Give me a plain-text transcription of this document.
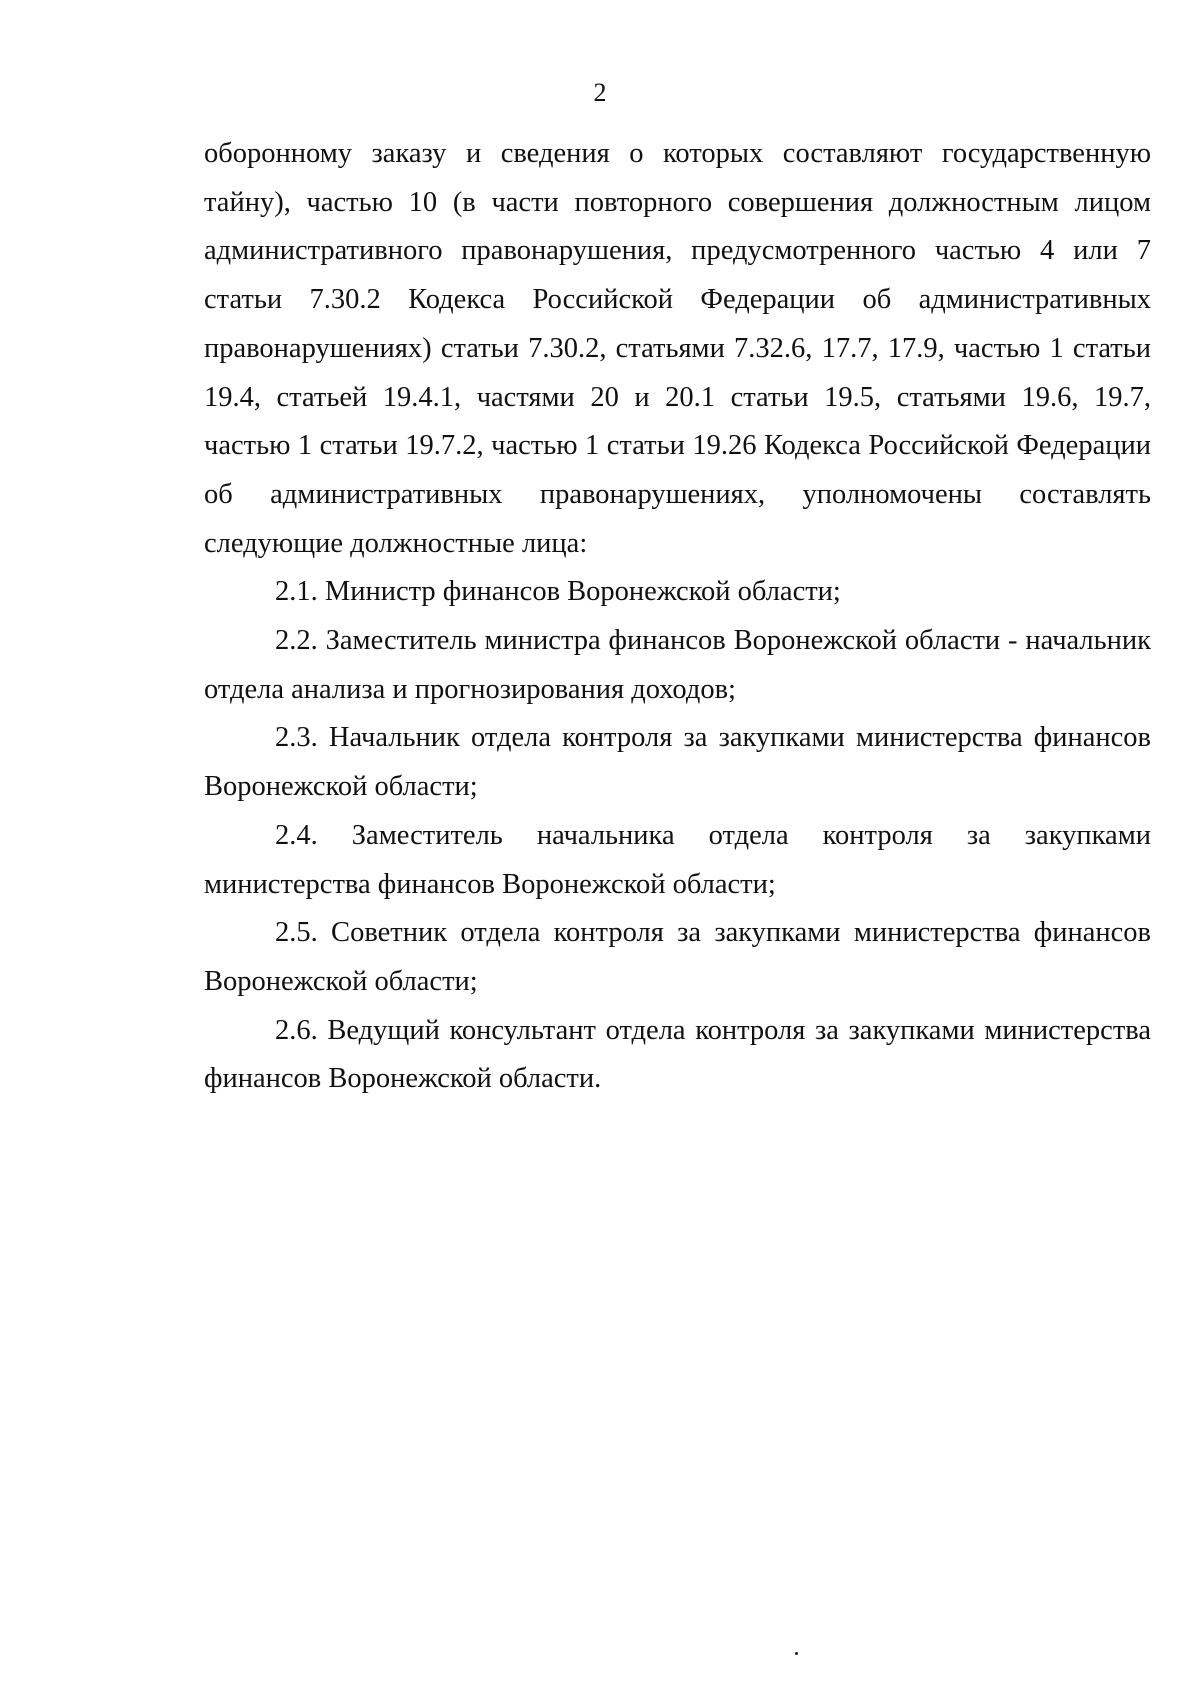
2

оборонному заказу и сведения о которых составляют государственную тайну), частью 10 (в части повторного совершения должностным лицом административного правонарушения, предусмотренного частью 4 или 7 статьи 7.30.2 Кодекса Российской Федерации об административных правонарушениях) статьи 7.30.2, статьями 7.32.6, 17.7, 17.9, частью 1 статьи 19.4, статьей 19.4.1, частями 20 и 20.1 статьи 19.5, статьями 19.6, 19.7, частью 1 статьи 19.7.2, частью 1 статьи 19.26 Кодекса Российской Федерации об административных правонарушениях, уполномочены составлять следующие должностные лица:

2.1. Министр финансов Воронежской области;

2.2. Заместитель министра финансов Воронежской области - начальник отдела анализа и прогнозирования доходов;

2.3. Начальник отдела контроля за закупками министерства финансов Воронежской области;

2.4. Заместитель начальника отдела контроля за закупками министерства финансов Воронежской области;

2.5. Советник отдела контроля за закупками министерства финансов Воронежской области;

2.6. Ведущий консультант отдела контроля за закупками министерства финансов Воронежской области.
